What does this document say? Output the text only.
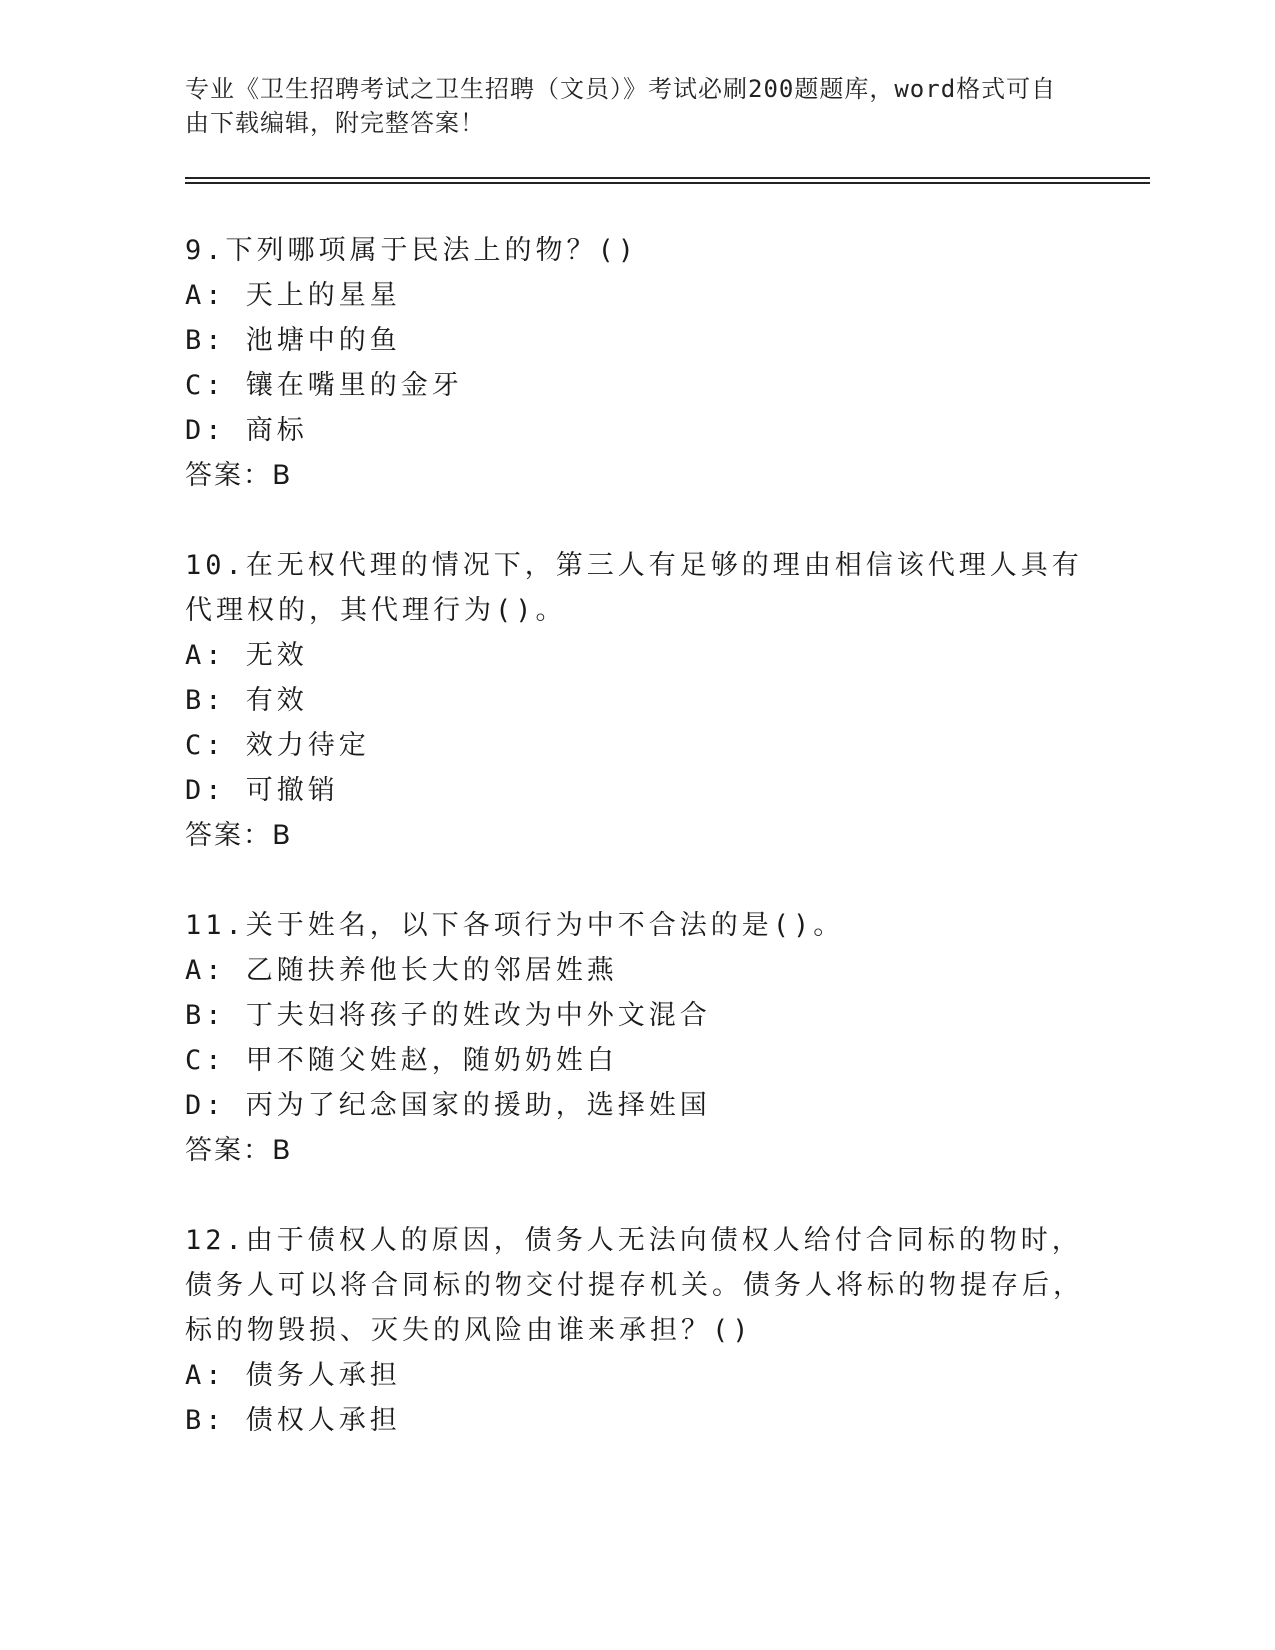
专业《卫生招聘考试之卫生招聘（文员）》考试必刷200题题库，word格式可自由下载编辑，附完整答案！

9.下列哪项属于民法上的物？()

A: 天上的星星

B: 池塘中的鱼

C: 镶在嘴里的金牙

D: 商标

答案：B

10.在无权代理的情况下，第三人有足够的理由相信该代理人具有代理权的，其代理行为()。

A: 无效

B: 有效

C: 效力待定

D: 可撤销

答案：B

11.关于姓名，以下各项行为中不合法的是()。

A: 乙随扶养他长大的邻居姓燕

B: 丁夫妇将孩子的姓改为中外文混合

C: 甲不随父姓赵，随奶奶姓白

D: 丙为了纪念国家的援助，选择姓国

答案：B

12.由于债权人的原因，债务人无法向债权人给付合同标的物时，债务人可以将合同标的物交付提存机关。债务人将标的物提存后，标的物毁损、灭失的风险由谁来承担？()

A: 债务人承担

B: 债权人承担
